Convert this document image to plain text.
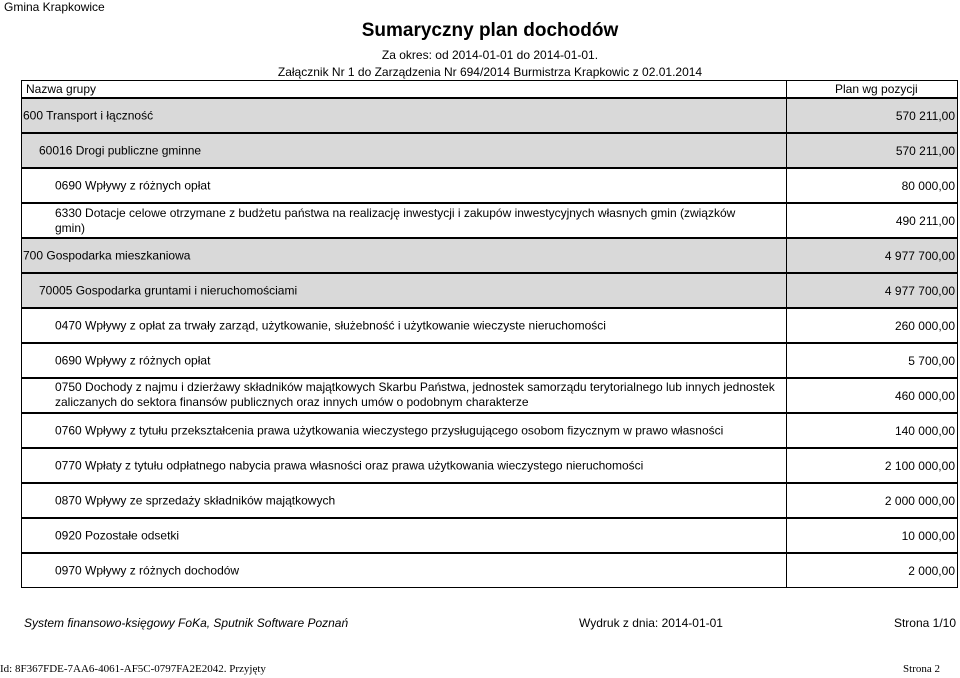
Gmina Krapkowice
Sumaryczny plan dochodów
Za okres: od 2014-01-01 do 2014-01-01.
Załącznik Nr 1 do Zarządzenia Nr 694/2014 Burmistrza Krapkowic z 02.01.2014
Nazwa grupy	Plan wg pozycji
600 Transport i łączność	570 211,00
60016 Drogi publiczne gminne	570 211,00
0690 Wpływy z różnych opłat	80 000,00
6330 Dotacje celowe otrzymane z budżetu państwa na realizację inwestycji i zakupów inwestycyjnych własnych gmin (związków gmin)	490 211,00
700 Gospodarka mieszkaniowa	4 977 700,00
70005 Gospodarka gruntami i nieruchomościami	4 977 700,00
0470 Wpływy z opłat za trwały zarząd, użytkowanie, służebność i użytkowanie wieczyste nieruchomości	260 000,00
0690 Wpływy z różnych opłat	5 700,00
0750 Dochody z najmu i dzierżawy składników majątkowych Skarbu Państwa, jednostek samorządu terytorialnego lub innych jednostek zaliczanych do sektora finansów publicznych oraz innych umów o podobnym charakterze	460 000,00
0760 Wpływy z tytułu przekształcenia prawa użytkowania wieczystego przysługującego osobom fizycznym w prawo własności	140 000,00
0770 Wpłaty z tytułu odpłatnego nabycia prawa własności oraz prawa użytkowania wieczystego nieruchomości	2 100 000,00
0870 Wpływy ze sprzedaży składników majątkowych	2 000 000,00
0920 Pozostałe odsetki	10 000,00
0970 Wpływy z różnych dochodów	2 000,00
System finansowo-księgowy FoKa, Sputnik Software Poznań	Wydruk z dnia: 2014-01-01	Strona 1/10
Id: 8F367FDE-7AA6-4061-AF5C-0797FA2E2042. Przyjęty	Strona 2
